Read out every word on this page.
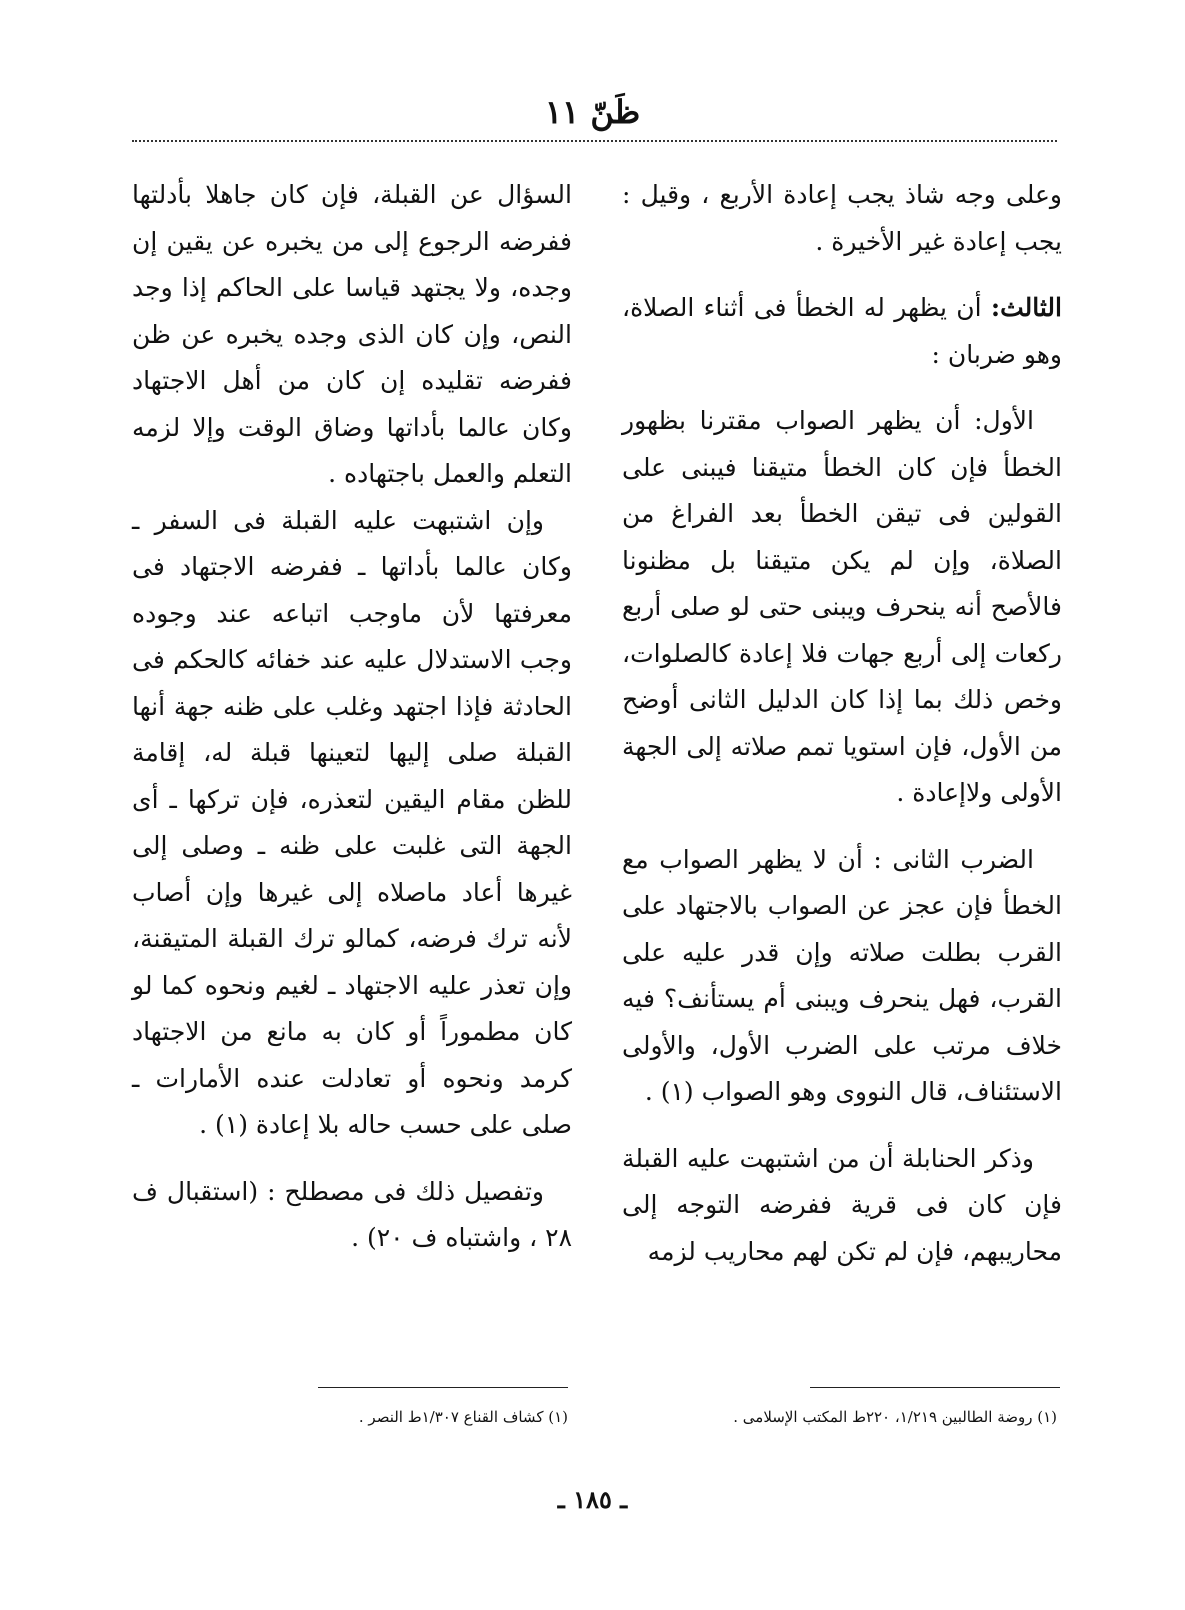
ظَنّ ١١

وعلى وجه شاذ يجب إعادة الأربع ، وقيل : يجب إعادة غير الأخيرة .

الثالث: أن يظهر له الخطأ فى أثناء الصلاة، وهو ضربان :

الأول: أن يظهر الصواب مقترنا بظهور الخطأ فإن كان الخطأ متيقنا فيبنى على القولين فى تيقن الخطأ بعد الفراغ من الصلاة، وإن لم يكن متيقنا بل مظنونا فالأصح أنه ينحرف ويبنى حتى لو صلى أربع ركعات إلى أربع جهات فلا إعادة كالصلوات، وخص ذلك بما إذا كان الدليل الثانى أوضح من الأول، فإن استويا تمم صلاته إلى الجهة الأولى ولاإعادة .

الضرب الثانى : أن لا يظهر الصواب مع الخطأ فإن عجز عن الصواب بالاجتهاد على القرب بطلت صلاته وإن قدر عليه على القرب، فهل ينحرف ويبنى أم يستأنف؟ فيه خلاف مرتب على الضرب الأول، والأولى الاستئناف، قال النووى وهو الصواب (١) .

وذكر الحنابلة أن من اشتبهت عليه القبلة فإن كان فى قرية ففرضه التوجه إلى محاريبهم، فإن لم تكن لهم محاريب لزمه

السؤال عن القبلة، فإن كان جاهلا بأدلتها ففرضه الرجوع إلى من يخبره عن يقين إن وجده، ولا يجتهد قياسا على الحاكم إذا وجد النص، وإن كان الذى وجده يخبره عن ظن ففرضه تقليده إن كان من أهل الاجتهاد وكان عالما بأداتها وضاق الوقت وإلا لزمه التعلم والعمل باجتهاده .

وإن اشتبهت عليه القبلة فى السفر ـ وكان عالما بأداتها ـ ففرضه الاجتهاد فى معرفتها لأن ماوجب اتباعه عند وجوده وجب الاستدلال عليه عند خفائه كالحكم فى الحادثة فإذا اجتهد وغلب على ظنه جهة أنها القبلة صلى إليها لتعينها قبلة له، إقامة للظن مقام اليقين لتعذره، فإن تركها ـ أى الجهة التى غلبت على ظنه ـ وصلى إلى غيرها أعاد ماصلاه إلى غيرها وإن أصاب لأنه ترك فرضه، كمالو ترك القبلة المتيقنة، وإن تعذر عليه الاجتهاد ـ لغيم ونحوه كما لو كان مطموراً أو كان به مانع من الاجتهاد كرمد ونحوه أو تعادلت عنده الأمارات ـ صلى على حسب حاله بلا إعادة (١) .

وتفصيل ذلك فى مصطلح : (استقبال ف ٢٨ ، واشتباه ف ٢٠) .

(١) روضة الطالبين ١/٢١٩، ٢٢٠ط المكتب الإسلامى .
(١) كشاف القناع ١/٣٠٧ط النصر .
ـ ١٨٥ ـ
